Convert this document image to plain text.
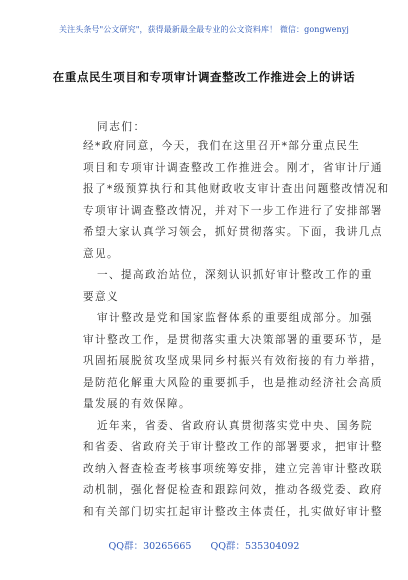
关注头条号"公文研究"，获得最新最全最专业的公文资料库！ 微信：gongwenyj
在重点民生项目和专项审计调查整改工作推进会上的讲话
同志们：
经*政府同意，今天，我们在这里召开*部分重点民生
项目和专项审计调查整改工作推进会。刚才，省审计厅通
报了*级预算执行和其他财政收支审计查出问题整改情况和
专项审计调查整改情况，并对下一步工作进行了安排部署
希望大家认真学习领会，抓好贯彻落实。下面，我讲几点
意见。
一、提高政治站位，深刻认识抓好审计整改工作的重
要意义
审计整改是党和国家监督体系的重要组成部分。加强
审计整改工作，是贯彻落实重大决策部署的重要环节，是
巩固拓展脱贫攻坚成果同乡村振兴有效衔接的有力举措，
是防范化解重大风险的重要抓手，也是推动经济社会高质
量发展的有效保障。
近年来，省委、省政府认真贯彻落实党中央、国务院
和省委、省政府关于审计整改工作的部署要求，把审计整
改纳入督查检查考核事项统筹安排，建立完善审计整改联
动机制，强化督促检查和跟踪问效，推动各级党委、政府
和有关部门切实扛起审计整改主体责任，扎实做好审计整
QQ群：30265665 QQ群：535304092
